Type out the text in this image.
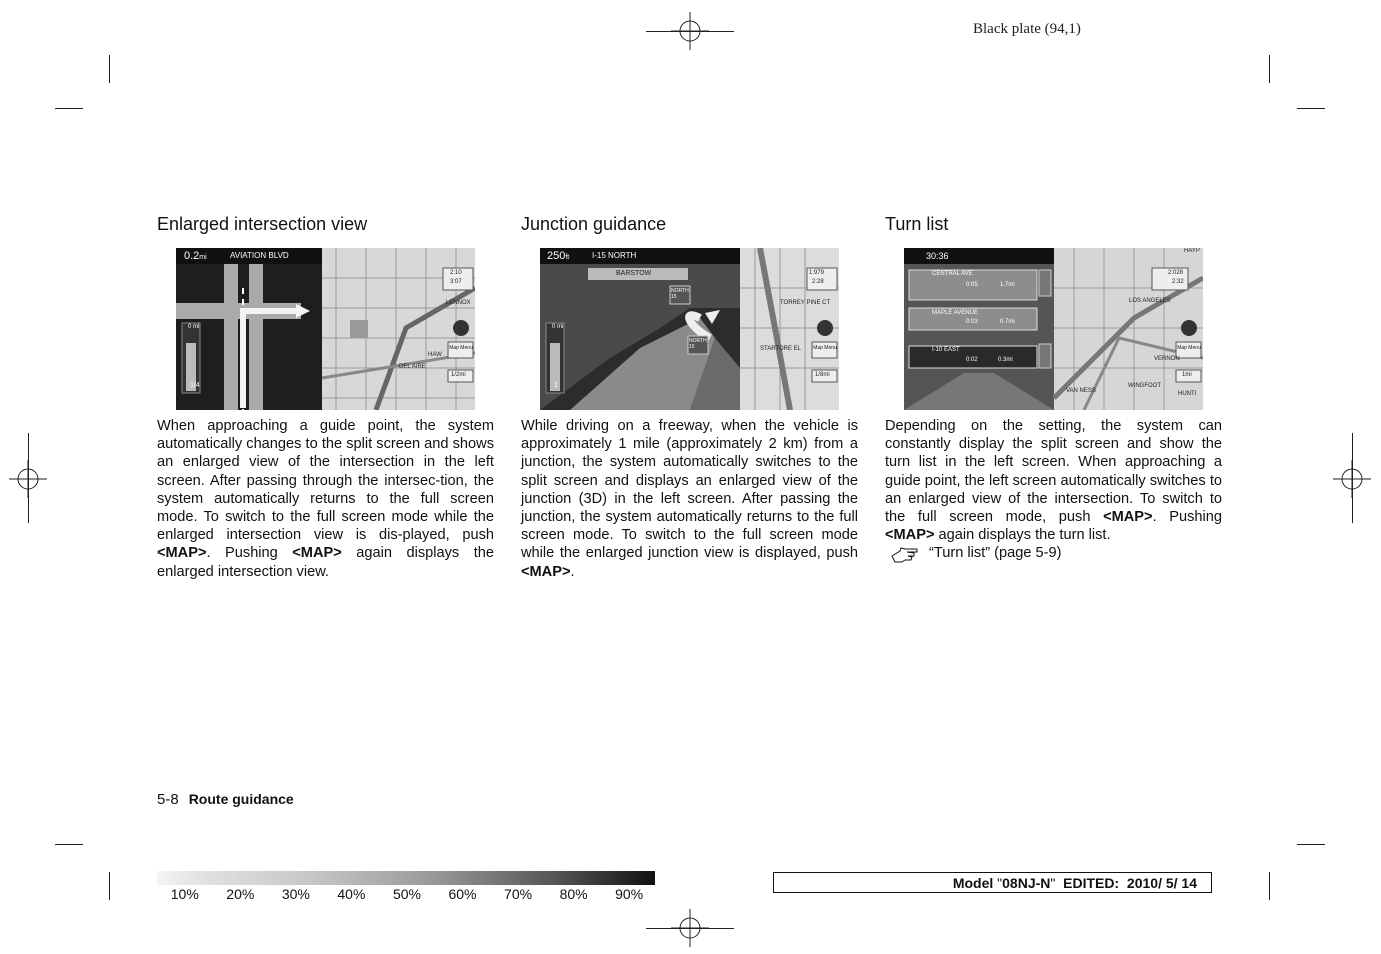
Black plate (94,1)
Enlarged intersection view
0.2mi	AVIATION BLVD
0 mi
1/4
2:10
3:07
Map Menu
1/2mi
HAW
DEL AIRE
LENNOX

When approaching a guide point, the system automatically changes to the split screen and shows an enlarged view of the intersection in the left screen. After passing through the intersec-tion, the system automatically returns to the full screen mode. To switch to the full screen mode while the enlarged intersection view is dis-played, push <MAP>. Pushing <MAP> again displays the enlarged intersection view.

Junction guidance
250ft	I-15 NORTH
BARSTOW
NORTH 15
NORTH 15
0 mi
1
1:979
2:28
Map Menu
1/8mi
TORREY PINE CT
STARTORE EL

While driving on a freeway, when the vehicle is approximately 1 mile (approximately 2 km) from a junction, the system automatically switches to the split screen and displays an enlarged view of the junction (3D) in the left screen. After passing the junction, the system automatically returns to the full screen mode. To switch to the full screen mode while the enlarged junction view is displayed, push <MAP>.

Turn list
30:36
CENTRAL AVE
0:05	1.7mi
MAPLE AVENUE
0:03	0.7mi
I-10 EAST
0:02	0.3mi
2:028
2:32
Map Menu
1mi
LOS ANGELES
VERNON
VAN NESS
WINGFOOT
HUNTI
HAYP

Depending on the setting, the system can constantly display the split screen and show the turn list in the left screen. When approaching a guide point, the left screen automatically switches to an enlarged view of the intersection. To switch to the full screen mode, push <MAP>. Pushing <MAP> again displays the turn list.

“Turn list” (page 5-9)
5-8 Route guidance
10% 20% 30% 40% 50% 60% 70% 80% 90%
Model " 08NJ-N " EDITED:  2010/ 5/ 14
